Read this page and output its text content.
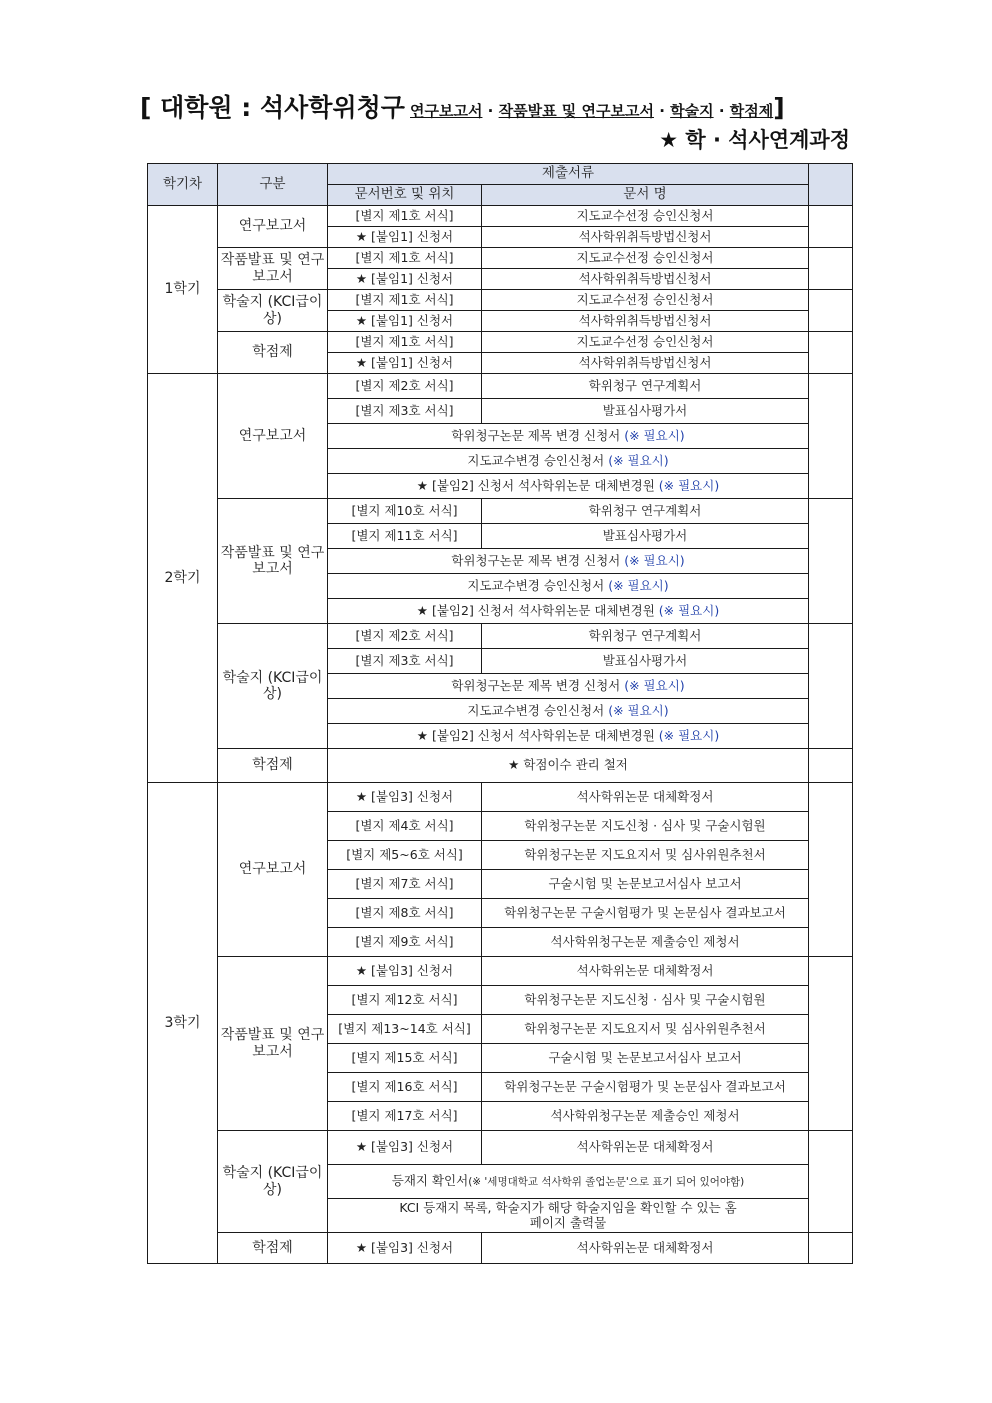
[ 대학원 : 석사학위청구 연구보고서 · 작품발표 및 연구보고서 · 학술지 · 학점제]
★ 학 · 석사연계과정
학기차	구분	제출서류		
		문서번호 및 위치	문서 명	
1학기	연구보고서	[별지 제1호 서식]	지도교수선정 승인신청서	
		★ [붙임1] 신청서	석사학위취득방법신청서	
	작품발표 및 연구보고서	[별지 제1호 서식]	지도교수선정 승인신청서	
		★ [붙임1] 신청서	석사학위취득방법신청서	
	학술지 (KCI급이상)	[별지 제1호 서식]	지도교수선정 승인신청서	
		★ [붙임1] 신청서	석사학위취득방법신청서	
	학점제	[별지 제1호 서식]	지도교수선정 승인신청서	
		★ [붙임1] 신청서	석사학위취득방법신청서	
2학기	연구보고서	[별지 제2호 서식]	학위청구 연구계획서	
		[별지 제3호 서식]	발표심사평가서	
		학위청구논문 제목 변경 신청서 (※ 필요시)		
		지도교수변경 승인신청서 (※ 필요시)		
		★ [붙임2] 신청서 석사학위논문 대체변경원 (※ 필요시)		
	작품발표 및 연구보고서	[별지 제10호 서식]	학위청구 연구계획서	
		[별지 제11호 서식]	발표심사평가서	
		학위청구논문 제목 변경 신청서 (※ 필요시)		
		지도교수변경 승인신청서 (※ 필요시)		
		★ [붙임2] 신청서 석사학위논문 대체변경원 (※ 필요시)		
	학술지 (KCI급이상)	[별지 제2호 서식]	학위청구 연구계획서	
		[별지 제3호 서식]	발표심사평가서	
		학위청구논문 제목 변경 신청서 (※ 필요시)		
		지도교수변경 승인신청서 (※ 필요시)		
		★ [붙임2] 신청서 석사학위논문 대체변경원 (※ 필요시)		
	학점제	★ 학점이수 관리 철저		
3학기	연구보고서	★ [붙임3] 신청서	석사학위논문 대체확정서	
		[별지 제4호 서식]	학위청구논문 지도신청 · 심사 및 구술시험원	
		[별지 제5~6호 서식]	학위청구논문 지도요지서 및 심사위원추천서	
		[별지 제7호 서식]	구술시험 및 논문보고서심사 보고서	
		[별지 제8호 서식]	학위청구논문 구술시험평가 및 논문심사 결과보고서	
		[별지 제9호 서식]	석사학위청구논문 제출승인 제청서	
	작품발표 및 연구보고서	★ [붙임3] 신청서	석사학위논문 대체확정서	
		[별지 제12호 서식]	학위청구논문 지도신청 · 심사 및 구술시험원	
		[별지 제13~14호 서식]	학위청구논문 지도요지서 및 심사위원추천서	
		[별지 제15호 서식]	구술시험 및 논문보고서심사 보고서	
		[별지 제16호 서식]	학위청구논문 구술시험평가 및 논문심사 결과보고서	
		[별지 제17호 서식]	석사학위청구논문 제출승인 제청서	
	학술지 (KCI급이상)	★ [붙임3] 신청서	석사학위논문 대체확정서	
		등재지 확인서(※ '세명대학교 석사학위 졸업논문'으로 표기 되어 있어야함)		
		KCI 등재지 목록, 학술지가 해당 학술지임을 확인할 수 있는 홈페이지 출력물		
	학점제	★ [붙임3] 신청서	석사학위논문 대체확정서	
